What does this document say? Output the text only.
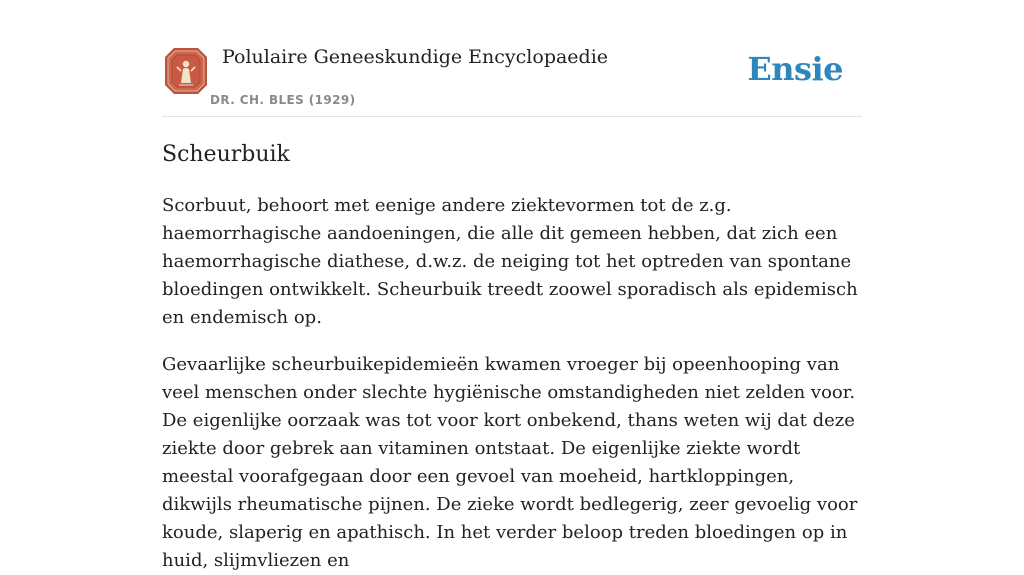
Polulaire Geneeskundige Encyclopaedie
DR. CH. BLES (1929)
Ensie
Scheurbuik

Scorbuut, behoort met eenige andere ziektevormen tot de z.g. haemorrhagische aandoeningen, die alle dit gemeen hebben, dat zich een haemorrhagische diathese, d.w.z. de neiging tot het optreden van spontane bloedingen ontwikkelt. Scheurbuik treedt zoowel sporadisch als epidemisch en endemisch op.

Gevaarlijke scheurbuikepidemieën kwamen vroeger bij opeenhooping van veel menschen onder slechte hygiënische omstandigheden niet zelden voor. De eigenlijke oorzaak was tot voor kort onbekend, thans weten wij dat deze ziekte door gebrek aan vitaminen ontstaat. De eigenlijke ziekte wordt meestal voorafgegaan door een gevoel van moeheid, hartkloppingen, dikwijls rheumatische pijnen. De zieke wordt bedlegerig, zeer gevoelig voor koude, slaperig en apathisch. In het verder beloop treden bloedingen op in huid, slijmvliezen en
